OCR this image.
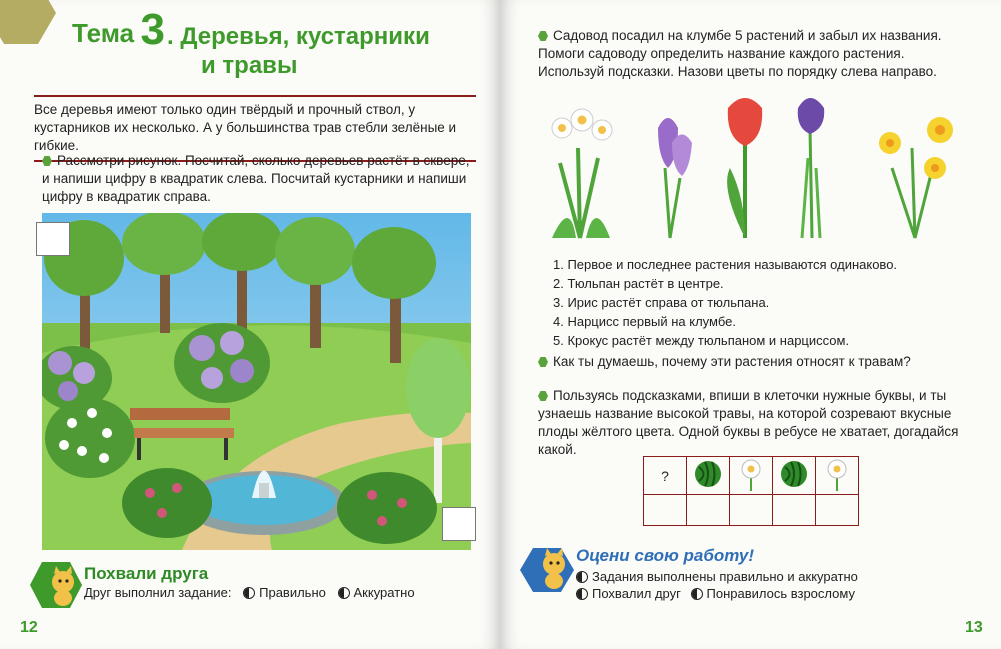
Тема 3. Деревья, кустарники
и травы
Все деревья имеют только один твёрдый и прочный ствол, у кустарников их несколько. А у большинства трав стебли зелёные и гибкие.
Рассмотри рисунок. Посчитай, сколько деревьев растёт в сквере, и напиши цифру в квадратик слева. Посчитай кустарники и напиши цифру в квадратик справа.
Похвали друга
Друг выполнил задание: Правильно Аккуратно
12
Садовод посадил на клумбе 5 растений и забыл их названия. Помоги садоводу определить название каждого растения. Используй подсказки. Назови цветы по порядку слева направо.
1. Первое и последнее растения называются одинаково.
2. Тюльпан растёт в центре.
3. Ирис растёт справа от тюльпана.
4. Нарцисс первый на клумбе.
5. Крокус растёт между тюльпаном и нарциссом.
Как ты думаешь, почему эти растения относят к травам?
Пользуясь подсказками, впиши в клеточки нужные буквы, и ты узнаешь название высокой травы, на которой созревают вкусные плоды жёлтого цвета. Одной буквы в ребусе не хватает, догадайся какой.
?				

Оцени свою работу!
Задания выполнены правильно и аккуратно
Похвалил друг Понравилось взрослому
13
